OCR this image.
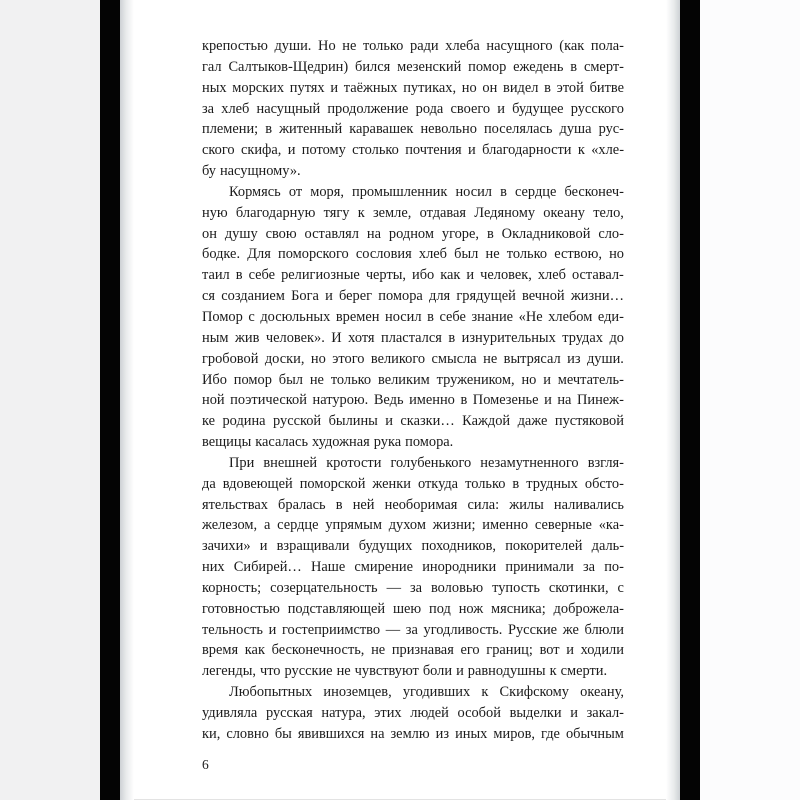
крепостью души. Но не только ради хлеба насущного (как пола-
гал Салтыков-Щедрин) бился мезенский помор ежедень в смерт-
ных морских путях и таёжных путиках, но он видел в этой битве
за хлеб насущный продолжение рода своего и будущее русского
племени; в житенный каравашек невольно поселялась душа рус-
ского скифа, и потому столько почтения и благодарности к «хле-
бу насущному».
Кормясь от моря, промышленник носил в сердце бесконеч-
ную благодарную тягу к земле, отдавая Ледяному океану тело,
он душу свою оставлял на родном угоре, в Окладниковой сло-
бодке. Для поморского сословия хлеб был не только ествою, но
таил в себе религиозные черты, ибо как и человек, хлеб оставал-
ся созданием Бога и берег помора для грядущей вечной жизни…
Помор с досюльных времен носил в себе знание «Не хлебом еди-
ным жив человек». И хотя пластался в изнурительных трудах до
гробовой доски, но этого великого смысла не вытрясал из души.
Ибо помор был не только великим тружеником, но и мечтатель-
ной поэтической натурою. Ведь именно в Помезенье и на Пинеж-
ке родина русской былины и сказки… Каждой даже пустяковой
вещицы касалась художная рука помора.
При внешней кротости голубенького незамутненного взгля-
да вдовеющей поморской женки откуда только в трудных обсто-
ятельствах бралась в ней необоримая сила: жилы наливались
железом, а сердце упрямым духом жизни; именно северные «ка-
зачихи» и взращивали будущих походников, покорителей даль-
них Сибирей… Наше смирение инородники принимали за по-
корность; созерцательность — за воловью тупость скотинки, с
готовностью подставляющей шею под нож мясника; доброжела-
тельность и гостеприимство — за угодливость. Русские же блюли
время как бесконечность, не признавая его границ; вот и ходили
легенды, что русские не чувствуют боли и равнодушны к смерти.
Любопытных иноземцев, угодивших к Скифскому океану,
удивляла русская натура, этих людей особой выделки и закал-
ки, словно бы явившихся на землю из иных миров, где обычным
6
